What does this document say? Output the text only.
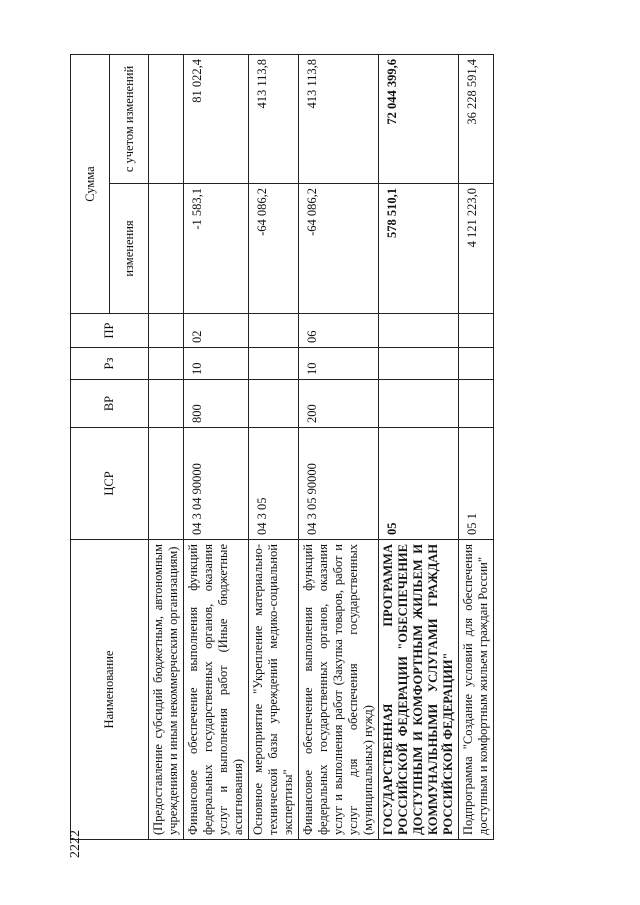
2222
Наименование	ЦСР	ВР	Рз	ПР	Сумма	
					изменения	с учетом изменений
(Предоставление субсидий бюджетным, автономным учреждениям и иным некоммерческим организациям)						
Финансовое обеспечение выполнения функций федеральных государственных органов, оказания услуг и выполнения работ (Иные бюджетные ассигнования)	04 3 04 90000	800	10	02	-1 583,1	81 022,4
Основное мероприятие "Укрепление материально-технической базы учреждений медико-социальной экспертизы"	04 3 05				-64 086,2	413 113,8
Финансовое обеспечение выполнения функций федеральных государственных органов, оказания услуг и выполнения работ (Закупка товаров, работ и услуг для обеспечения государственных (муниципальных) нужд)	04 3 05 90000	200	10	06	-64 086,2	413 113,8
ГОСУДАРСТВЕННАЯ ПРОГРАММА РОССИЙСКОЙ ФЕДЕРАЦИИ "ОБЕСПЕЧЕНИЕ ДОСТУПНЫМ И КОМФОРТНЫМ ЖИЛЬЕМ И КОММУНАЛЬНЫМИ УСЛУГАМИ ГРАЖДАН РОССИЙСКОЙ ФЕДЕРАЦИИ"	05				578 510,1	72 044 399,6
Подпрограмма "Создание условий для обеспечения доступным и комфортным жильем граждан России"	05 1				4 121 223,0	36 228 591,4
